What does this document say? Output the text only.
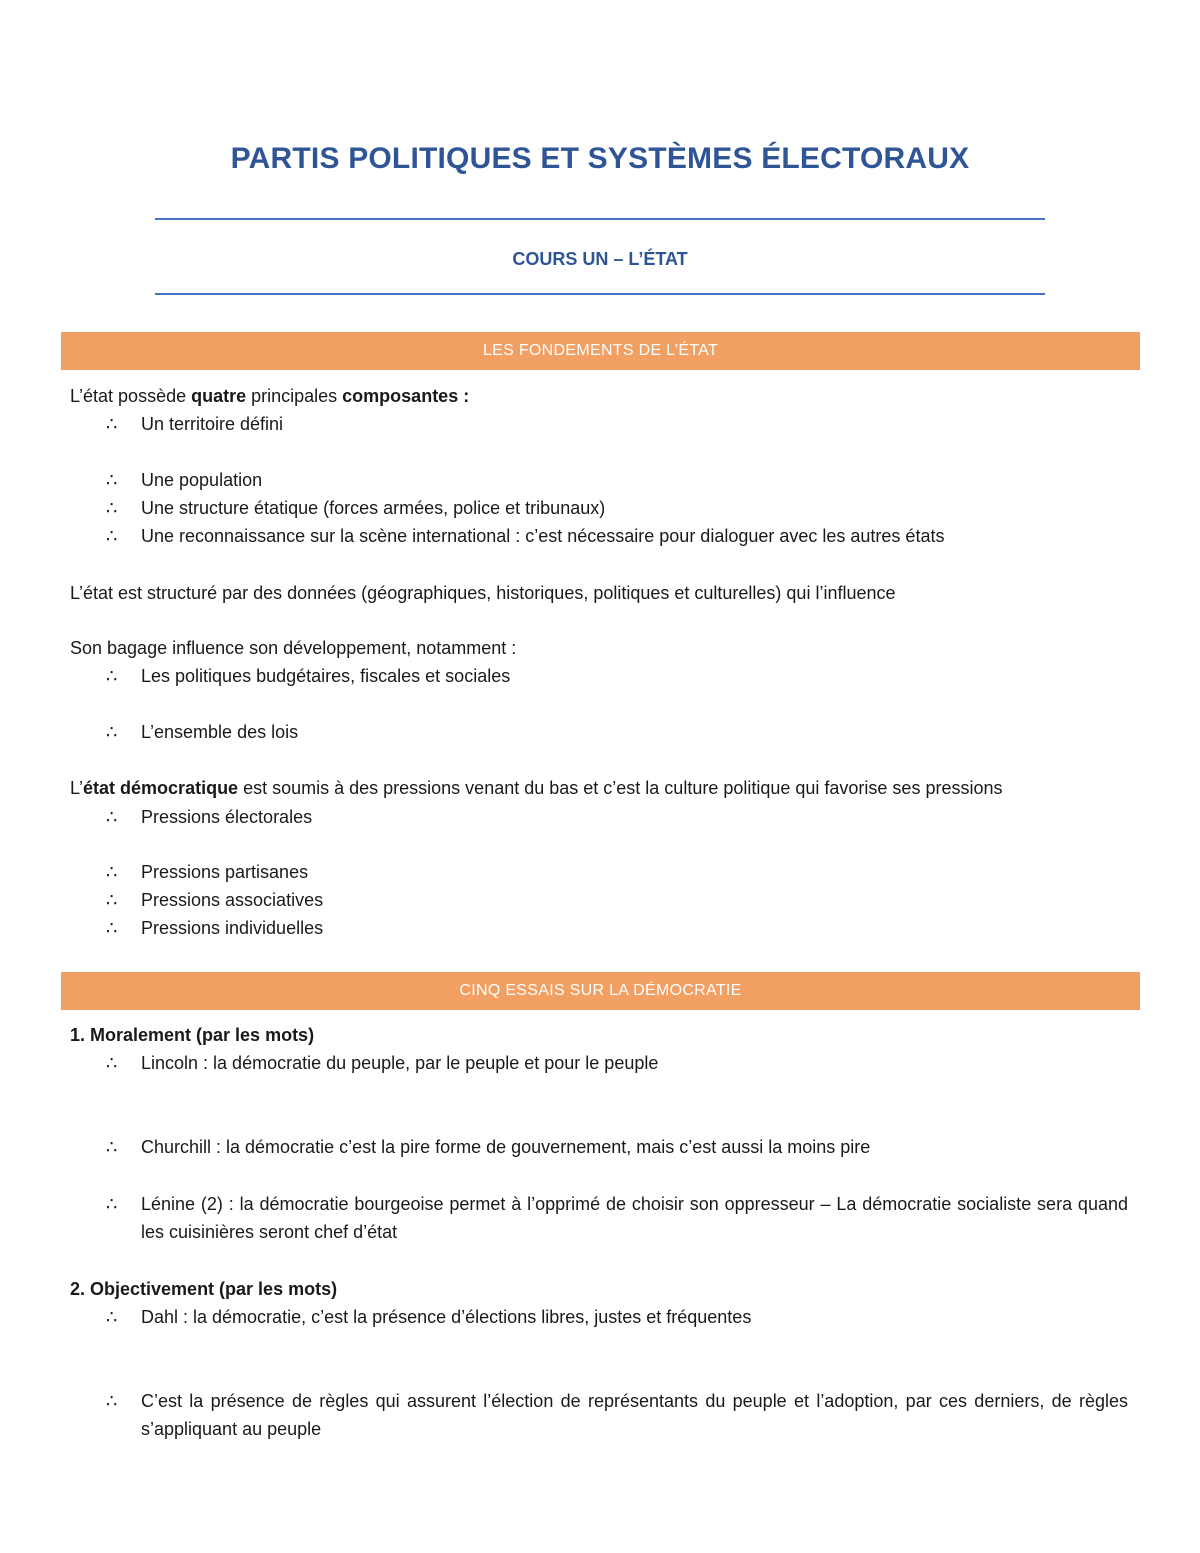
PARTIS POLITIQUES ET SYSTÈMES ÉLECTORAUX
COURS UN – L’ÉTAT
LES FONDEMENTS DE L’ÉTAT
L’état possède quatre principales composantes :
∴	Un territoire défini
∴	Une population
∴	Une structure étatique (forces armées, police et tribunaux)
∴	Une reconnaissance sur la scène international : c’est nécessaire pour dialoguer avec les autres états
L’état est structuré par des données (géographiques, historiques, politiques et culturelles) qui l’influence
Son bagage influence son développement, notamment :
∴	Les politiques budgétaires, fiscales et sociales
∴	L’ensemble des lois
L’état démocratique est soumis à des pressions venant du bas et c’est la culture politique qui favorise ses pressions
∴	Pressions électorales
∴	Pressions partisanes
∴	Pressions associatives
∴	Pressions individuelles
CINQ ESSAIS SUR LA DÉMOCRATIE
1. Moralement (par les mots)
∴	Lincoln : la démocratie du peuple, par le peuple et pour le peuple
∴	Churchill : la démocratie c’est la pire forme de gouvernement, mais c’est aussi la moins pire
∴	Lénine (2) : la démocratie bourgeoise permet à l’opprimé de choisir son oppresseur – La démocratie socialiste sera quand les cuisinières seront chef d’état
2. Objectivement (par les mots)
∴	Dahl : la démocratie, c’est la présence d’élections libres, justes et fréquentes
∴	C’est la présence de règles qui assurent l’élection de représentants du peuple et l’adoption, par ces derniers, de règles s’appliquant au peuple
